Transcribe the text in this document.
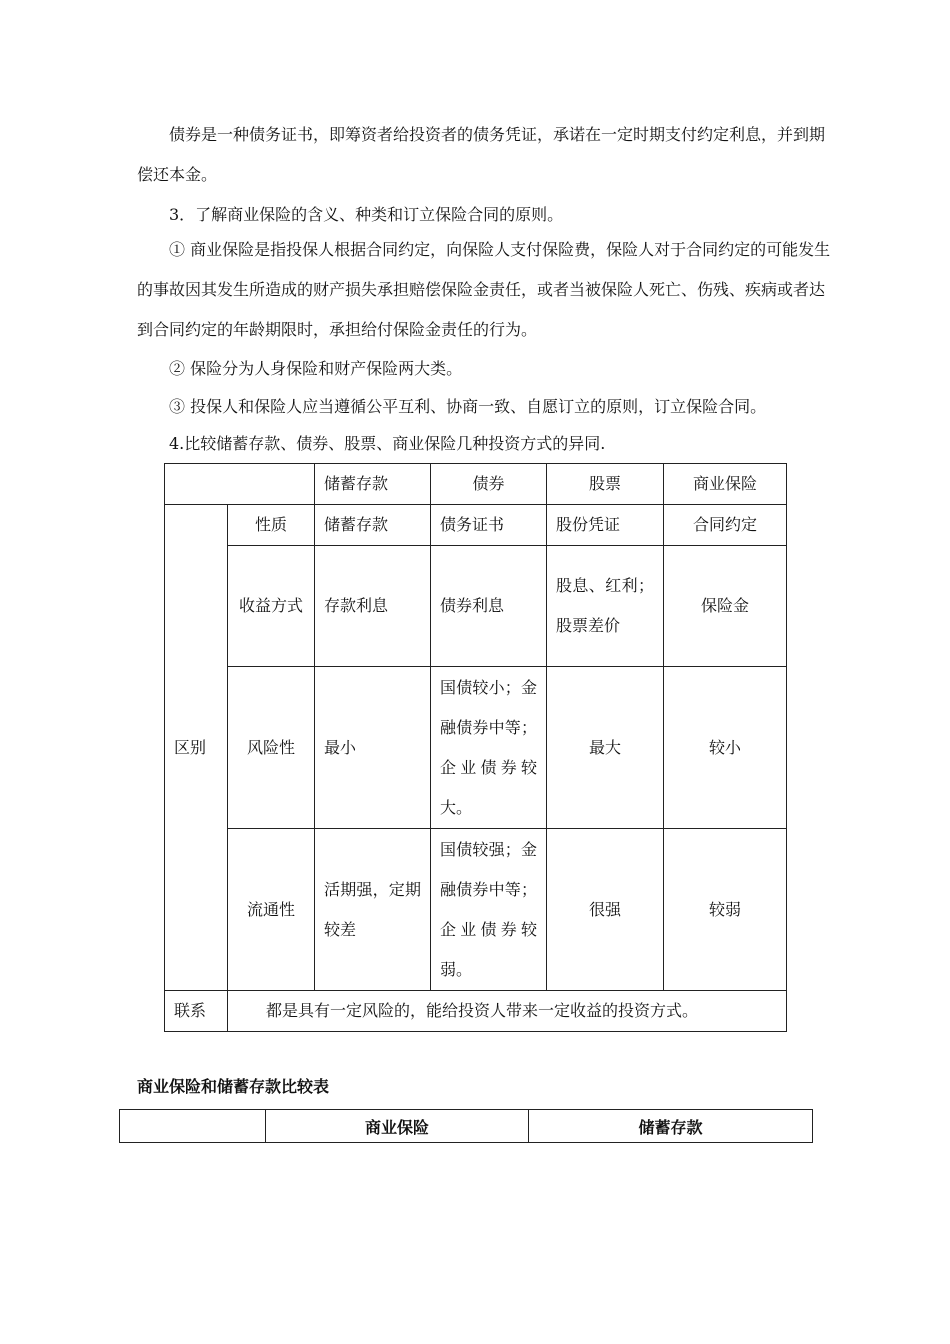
债券是一种债务证书，即筹资者给投资者的债务凭证，承诺在一定时期支付约定利息，并到期偿还本金。

3．了解商业保险的含义、种类和订立保险合同的原则。

① 商业保险是指投保人根据合同约定，向保险人支付保险费，保险人对于合同约定的可能发生的事故因其发生所造成的财产损失承担赔偿保险金责任，或者当被保险人死亡、伤残、疾病或者达到合同约定的年龄期限时，承担给付保险金责任的行为。

② 保险分为人身保险和财产保险两大类。

③ 投保人和保险人应当遵循公平互利、协商一致、自愿订立的原则，订立保险合同。

4.比较储蓄存款、债券、股票、商业保险几种投资方式的异同.

		储蓄存款	债券	股票	商业保险
区别	性质	储蓄存款	债务证书	股份凭证	合同约定
	收益方式	存款利息	债券利息	股息、红利；股票差价	保险金
	风险性	最小	国债较小；金融债券中等；企业债券较大。	最大	较小
	流通性	活期强，定期较差	国债较强；金融债券中等；企业债券较弱。	很强	较弱
联系	都是具有一定风险的，能给投资人带来一定收益的投资方式。				

商业保险和储蓄存款比较表

	商业保险	储蓄存款
